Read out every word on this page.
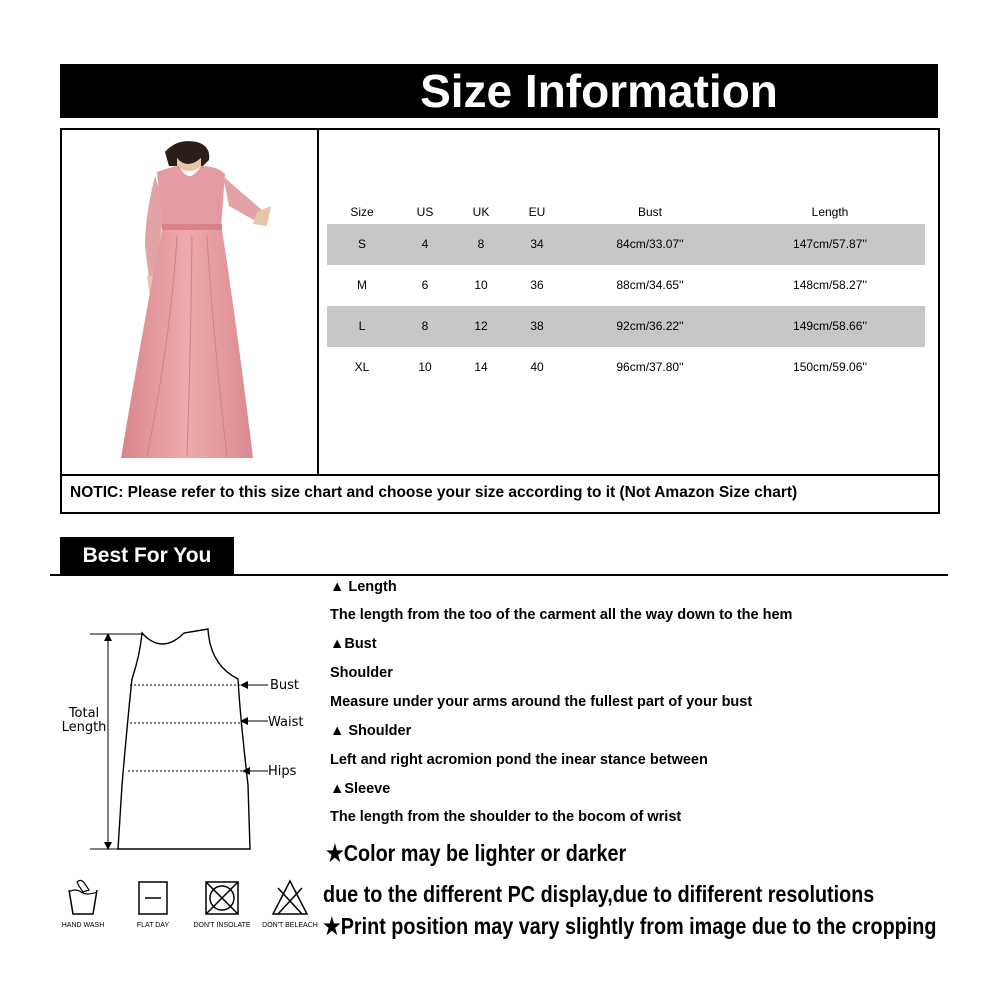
Size Information
Size	US	UK	EU	Bust	Length
S	4	8	34	84cm/33.07''	147cm/57.87''
M	6	10	36	88cm/34.65''	148cm/58.27''
L	8	12	38	92cm/36.22''	149cm/58.66''
XL	10	14	40	96cm/37.80''	150cm/59.06''
NOTIC: Please refer to this size chart and choose your size according to it (Not Amazon Size chart)
Best For You
Total
Length
Bust
Waist
Hips
▲ Length
The length from the too of the carment all the way down to the hem
▲Bust
Shoulder
Measure under your arms around the fullest part of your bust
▲ Shoulder
Left and right acromion pond the inear stance between
▲Sleeve
The length from the shoulder to the bocom of wrist
★Color may be lighter or darker
due to the different PC display,due to dififerent resolutions
★Print position may vary slightly from image due to the cropping
HAND WASH	FLAT DAY	DON'T INSOLATE	DON'T BELEACH
